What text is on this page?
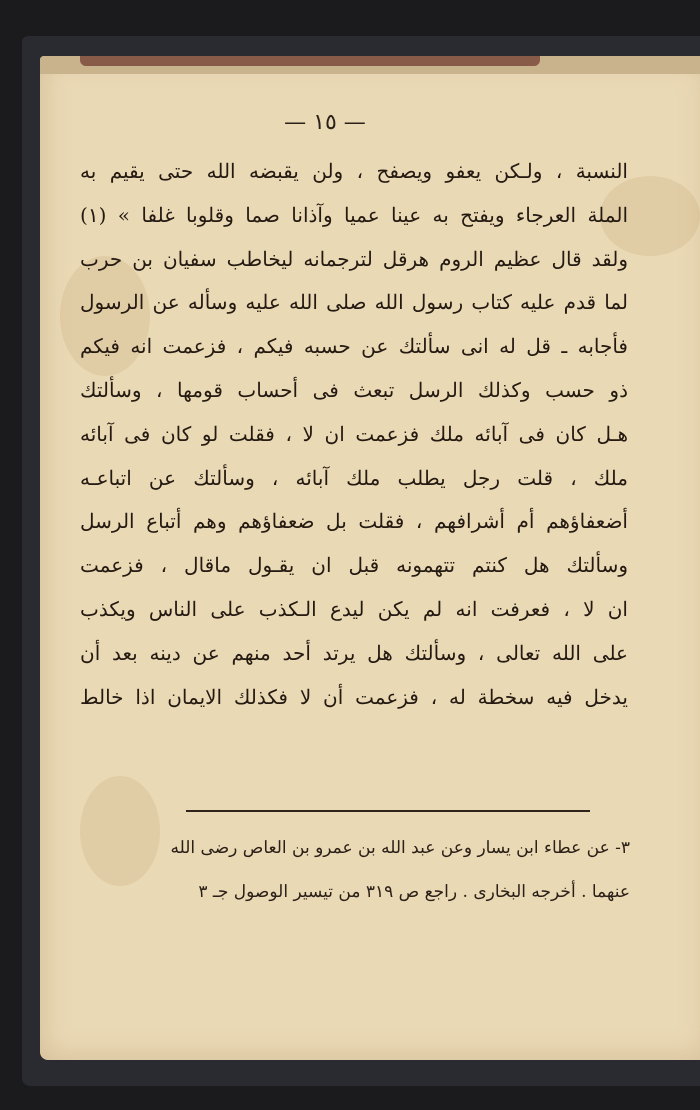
— ١٥ —
النسبة ، ولـكن يعفو ويصفح ، ولن يقبضه الله حتى يقيم به
الملة العرجاء ويفتح به عينا عميا وآذانا صما وقلوبا غلفا » (١)
ولقد قال عظيم الروم هرقل لترجمانه ليخاطب سفيان بن حرب
لما قدم عليه كتاب رسول الله صلى الله عليه وسأله عن الرسول
فأجابه ـ قل له انى سألتك عن حسبه فيكم ، فزعمت انه فيكم
ذو حسب وكذلك الرسل تبعث فى أحساب قومها ، وسألتك
هـل كان فى آبائه ملك فزعمت ان لا ، فقلت لو كان فى آبائه
ملك ، قلت رجل يطلب ملك آبائه ، وسألتك عن اتباعـه
أضعفاؤهم أم أشرافهم ، فقلت بل ضعفاؤهم وهم أتباع الرسل
وسألتك هل كنتم تتهمونه قبل ان يقـول ماقال ، فزعمت
ان لا ، فعرفت انه لم يكن ليدع الـكذب على الناس ويكذب
على الله تعالى ، وسألتك هل يرتد أحد منهم عن دينه بعد أن
يدخل فيه سخطة له ، فزعمت أن لا فكذلك الايمان اذا خالط
٣- عن عطاء ابن يسار وعن عبد الله بن عمرو بن العاص رضى الله
عنهما . أخرجه البخارى . راجع ص ٣١٩ من تيسير الوصول جـ ٣
